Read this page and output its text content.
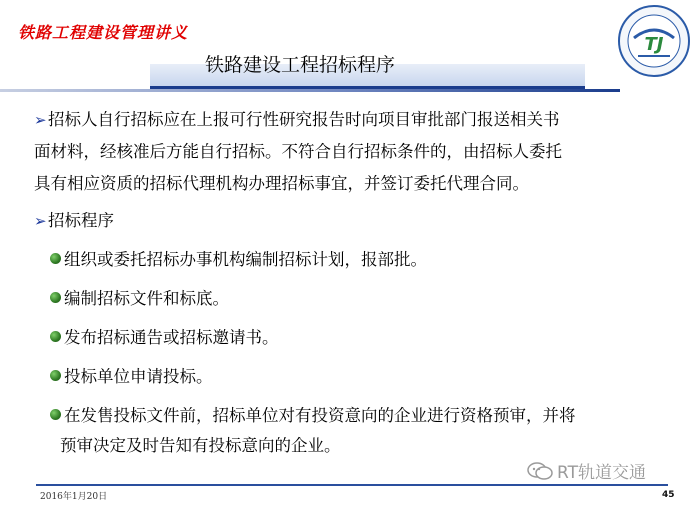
铁路工程建设管理讲义
TJ
铁路建设工程招标程序

➢招标人自行招标应在上报可行性研究报告时向项目审批部门报送相关书
面材料，经核准后方能自行招标。不符合自行招标条件的，由招标人委托
具有相应资质的招标代理机构办理招标事宜，并签订委托代理合同。

➢招标程序

组织或委托招标办事机构编制招标计划，报部批。
编制招标文件和标底。
发布招标通告或招标邀请书。
投标单位申请投标。
在发售投标文件前，招标单位对有投资意向的企业进行资格预审，并将
预审决定及时告知有投标意向的企业。
RT轨道交通
2016年1月20日	45
